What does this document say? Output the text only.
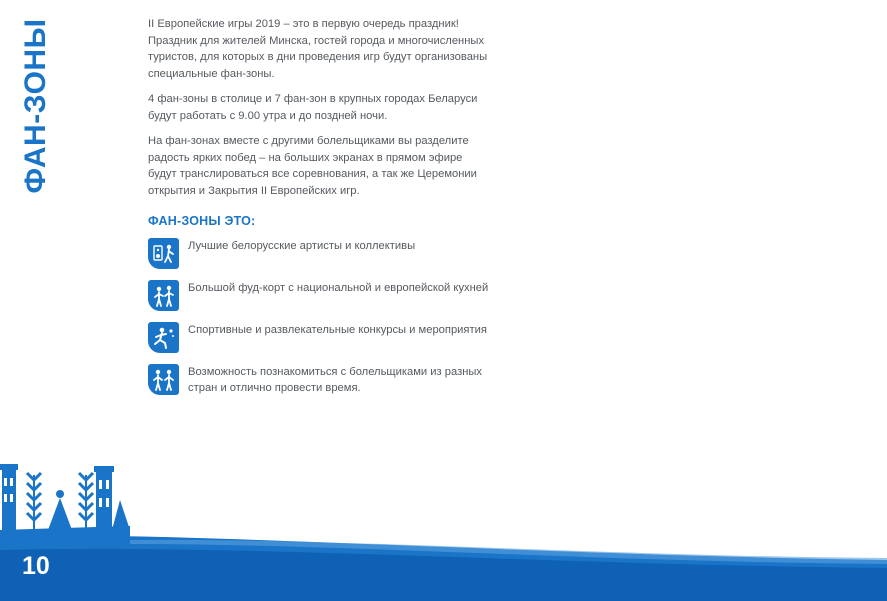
ФАН-ЗОНЫ	II Европейские игры 2019 – это в первую очередь праздник! Праздник для жителей Минска, гостей города и многочисленных туристов, для которых в дни проведения игр будут организованы специальные фан-зоны.

4 фан-зоны в столице и 7 фан-зон в крупных городах Беларуси будут работать с 9.00 утра и до поздней ночи.

На фан-зонах вместе с другими болельщиками вы разделите радость ярких побед – на больших экранах в прямом эфире будут транслироваться все соревнования, а так же Церемонии открытия и Закрытия II Европейских игр.

ФАН-ЗОНЫ ЭТО:
Лучшие белорусские артисты и коллективы
Большой фуд-корт с национальной и европейской кухней
Спортивные и развлекательные конкурсы и мероприятия
Возможность познакомиться с болельщиками из разных стран и отлично провести время.
10
